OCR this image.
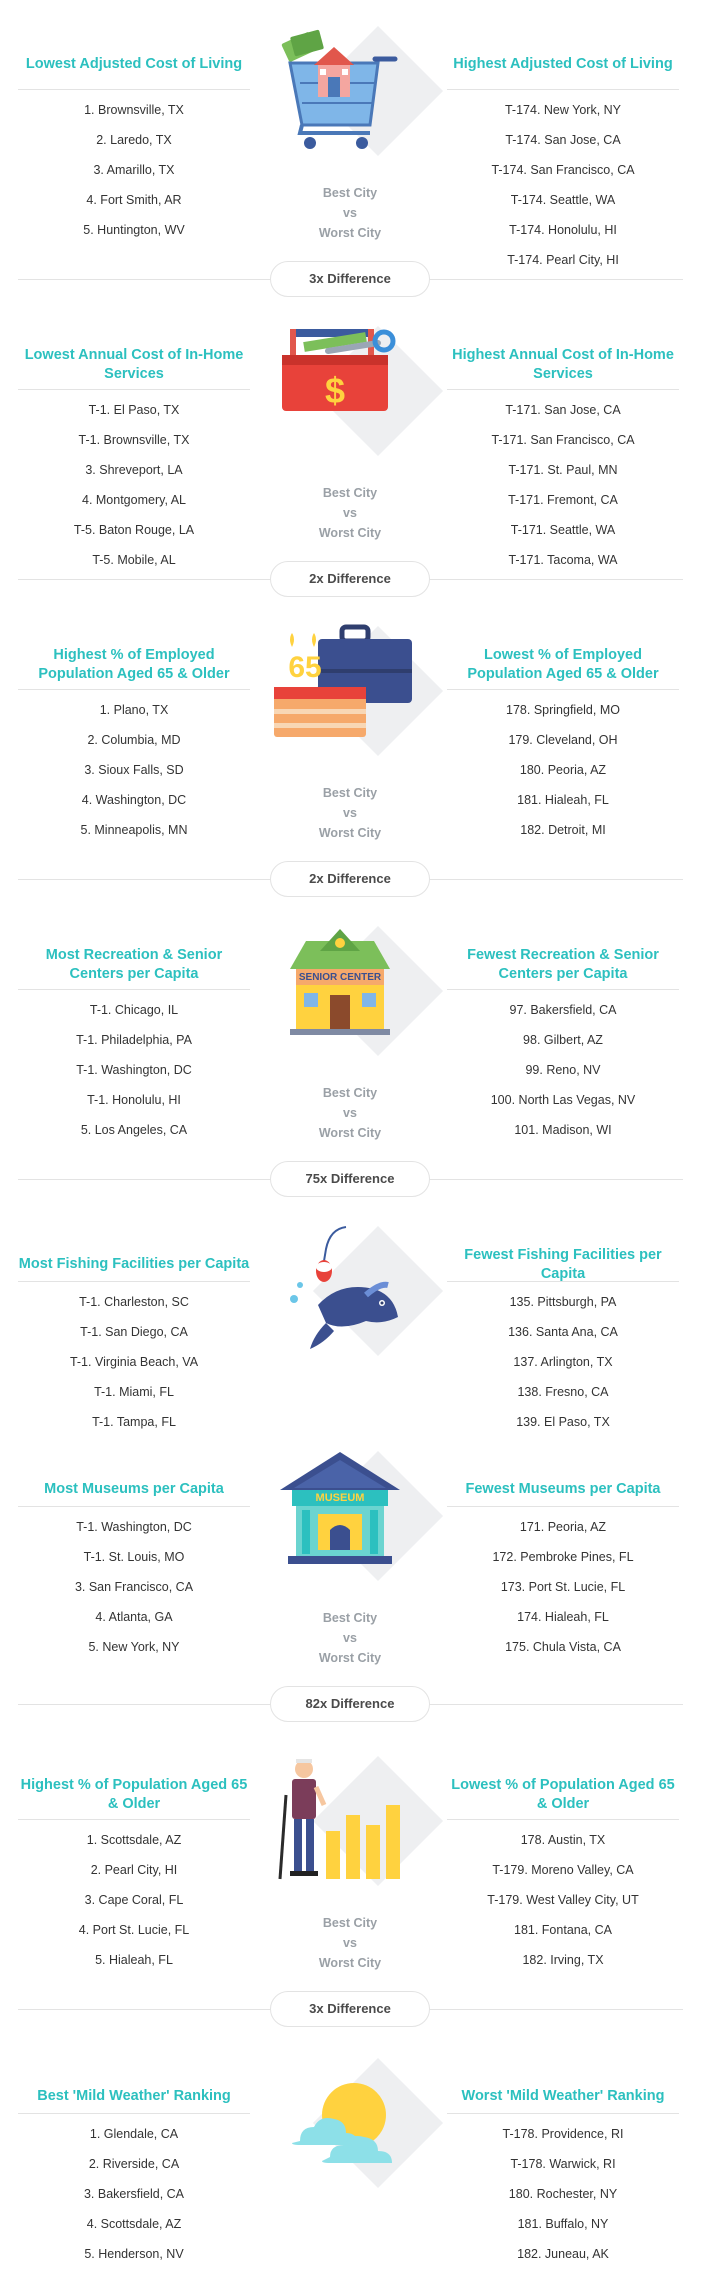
Lowest Adjusted Cost of Living
1. Brownsville, TX
2. Laredo, TX
3. Amarillo, TX
4. Fort Smith, AR
5. Huntington, WV
Best City
vs
Worst City
Highest Adjusted Cost of Living
T-174. New York, NY
T-174. San Jose, CA
T-174. San Francisco, CA
T-174. Seattle, WA
T-174. Honolulu, HI
T-174. Pearl City, HI
3x Difference
Lowest Annual Cost of In-Home Services
T-1. El Paso, TX
T-1. Brownsville, TX
3. Shreveport, LA
4. Montgomery, AL
T-5. Baton Rouge, LA
T-5. Mobile, AL
$
Best City
vs
Worst City
Highest Annual Cost of In-Home Services
T-171. San Jose, CA
T-171. San Francisco, CA
T-171. St. Paul, MN
T-171. Fremont, CA
T-171. Seattle, WA
T-171. Tacoma, WA
2x Difference
Highest % of Employed Population Aged 65 & Older
1. Plano, TX
2. Columbia, MD
3. Sioux Falls, SD
4. Washington, DC
5. Minneapolis, MN
65
Best City
vs
Worst City
Lowest % of Employed Population Aged 65 & Older
178. Springfield, MO
179. Cleveland, OH
180. Peoria, AZ
181. Hialeah, FL
182. Detroit, MI
2x Difference
Most Recreation & Senior Centers per Capita
T-1. Chicago, IL
T-1. Philadelphia, PA
T-1. Washington, DC
T-1. Honolulu, HI
5. Los Angeles, CA
SENIOR CENTER
Best City
vs
Worst City
Fewest Recreation & Senior Centers per Capita
97. Bakersfield, CA
98. Gilbert, AZ
99. Reno, NV
100. North Las Vegas, NV
101. Madison, WI
75x Difference
Most Fishing Facilities per Capita
T-1. Charleston, SC
T-1. San Diego, CA
T-1. Virginia Beach, VA
T-1. Miami, FL
T-1. Tampa, FL
Fewest Fishing Facilities per Capita
135. Pittsburgh, PA
136. Santa Ana, CA
137. Arlington, TX
138. Fresno, CA
139. El Paso, TX
Most Museums per Capita
T-1. Washington, DC
T-1. St. Louis, MO
3. San Francisco, CA
4. Atlanta, GA
5. New York, NY
MUSEUM
Best City
vs
Worst City
Fewest Museums per Capita
171. Peoria, AZ
172. Pembroke Pines, FL
173. Port St. Lucie, FL
174. Hialeah, FL
175. Chula Vista, CA
82x Difference
Highest % of Population Aged 65 & Older
1. Scottsdale, AZ
2. Pearl City, HI
3. Cape Coral, FL
4. Port St. Lucie, FL
5. Hialeah, FL
Best City
vs
Worst City
Lowest % of Population Aged 65 & Older
178. Austin, TX
T-179. Moreno Valley, CA
T-179. West Valley City, UT
181. Fontana, CA
182. Irving, TX
3x Difference
Best 'Mild Weather' Ranking
1. Glendale, CA
2. Riverside, CA
3. Bakersfield, CA
4. Scottsdale, AZ
5. Henderson, NV
Worst 'Mild Weather' Ranking
T-178. Providence, RI
T-178. Warwick, RI
180. Rochester, NY
181. Buffalo, NY
182. Juneau, AK
